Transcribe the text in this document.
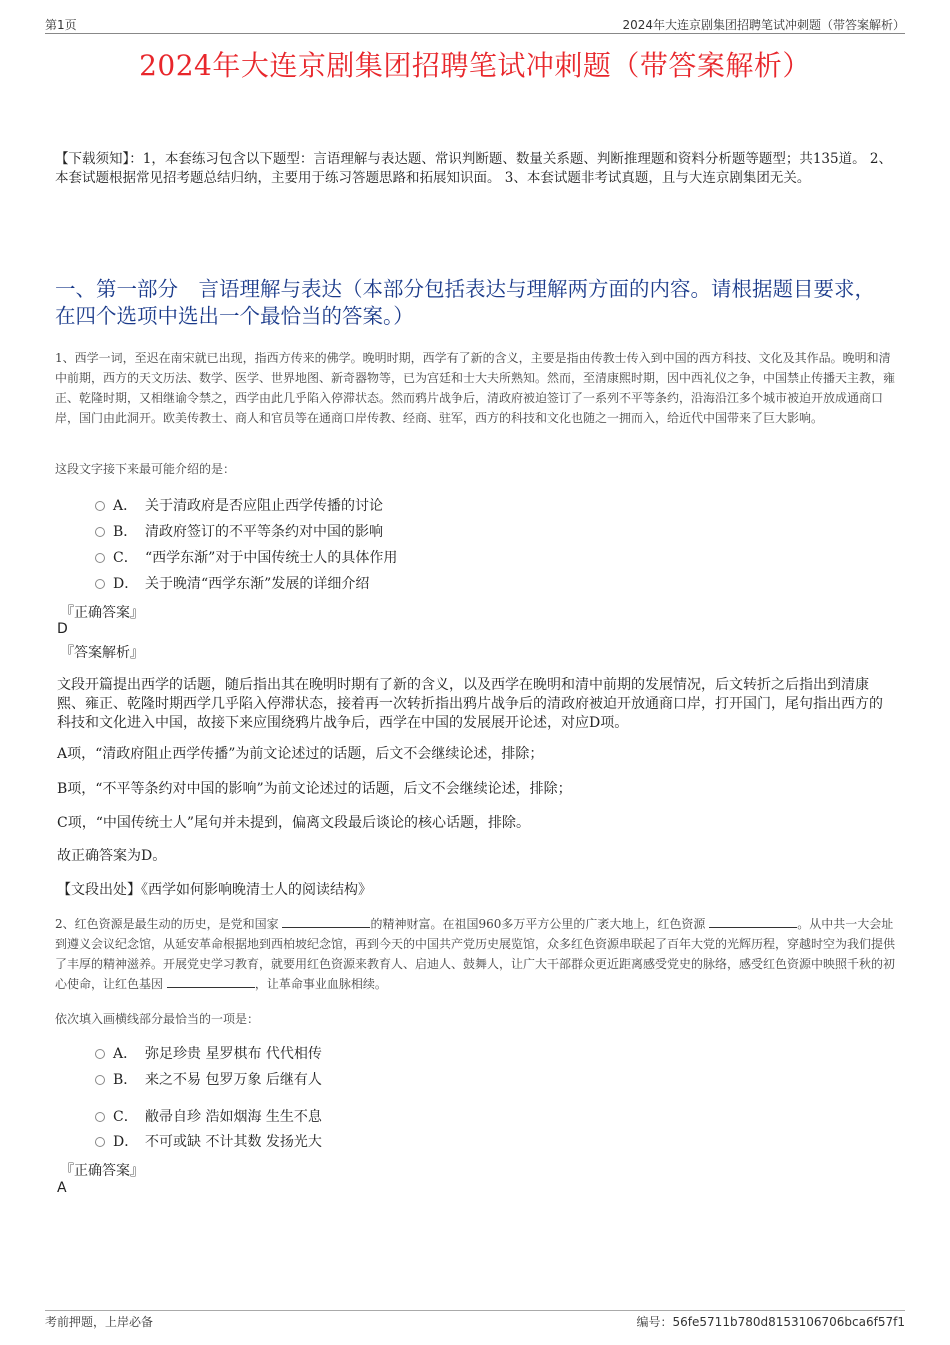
第1页	2024年大连京剧集团招聘笔试冲刺题（带答案解析）
2024年大连京剧集团招聘笔试冲刺题（带答案解析）
【下载须知】：1，本套练习包含以下题型：言语理解与表达题、常识判断题、数量关系题、判断推理题和资料分析题等题型；共135道。 2、本套试题根据常见招考题总结归纳，主要用于练习答题思路和拓展知识面。 3、本套试题非考试真题，且与大连京剧集团无关。
一、第一部分　言语理解与表达（本部分包括表达与理解两方面的内容。请根据题目要求，在四个选项中选出一个最恰当的答案。）
1、西学一词，至迟在南宋就已出现，指西方传来的佛学。晚明时期，西学有了新的含义，主要是指由传教士传入到中国的西方科技、文化及其作品。晚明和清中前期，西方的天文历法、数学、医学、世界地图、新奇器物等，已为宫廷和士大夫所熟知。然而，至清康熙时期，因中西礼仪之争，中国禁止传播天主教，雍正、乾隆时期，又相继谕令禁之，西学由此几乎陷入停滞状态。然而鸦片战争后，清政府被迫签订了一系列不平等条约，沿海沿江多个城市被迫开放成通商口岸，国门由此洞开。欧美传教士、商人和官员等在通商口岸传教、经商、驻军，西方的科技和文化也随之一拥而入，给近代中国带来了巨大影响。
这段文字接下来最可能介绍的是：
A． 关于清政府是否应阻止西学传播的讨论
B． 清政府签订的不平等条约对中国的影响
C． “西学东渐”对于中国传统士人的具体作用
D． 关于晚清“西学东渐”发展的详细介绍
『正确答案』
D
『答案解析』
文段开篇提出西学的话题，随后指出其在晚明时期有了新的含义，以及西学在晚明和清中前期的发展情况，后文转折之后指出到清康熙、雍正、乾隆时期西学几乎陷入停滞状态，接着再一次转折指出鸦片战争后的清政府被迫开放通商口岸，打开国门，尾句指出西方的科技和文化进入中国，故接下来应围绕鸦片战争后，西学在中国的发展展开论述，对应D项。
A项，“清政府阻止西学传播”为前文论述过的话题，后文不会继续论述，排除；
B项，“不平等条约对中国的影响”为前文论述过的话题，后文不会继续论述，排除；
C项，“中国传统士人”尾句并未提到，偏离文段最后谈论的核心话题，排除。
故正确答案为D。
【文段出处】《西学如何影响晚清士人的阅读结构》
2、红色资源是最生动的历史，是党和国家	的精神财富。在祖国960多万平方公里的广袤大地上，红色资源	。从中共一大会址到遵义会议纪念馆，从延安革命根据地到西柏坡纪念馆，再到今天的中国共产党历史展览馆，众多红色资源串联起了百年大党的光辉历程，穿越时空为我们提供了丰厚的精神滋养。开展党史学习教育，就要用红色资源来教育人、启迪人、鼓舞人，让广大干部群众更近距离感受党史的脉络，感受红色资源中映照千秋的初心使命，让红色基因	，让革命事业血脉相续。
依次填入画横线部分最恰当的一项是：
A． 弥足珍贵 星罗棋布 代代相传
B． 来之不易 包罗万象 后继有人
C． 敝帚自珍 浩如烟海 生生不息
D． 不可或缺 不计其数 发扬光大
『正确答案』
A
考前押题，上岸必备	编号：56fe5711b780d8153106706bca6f57f1
